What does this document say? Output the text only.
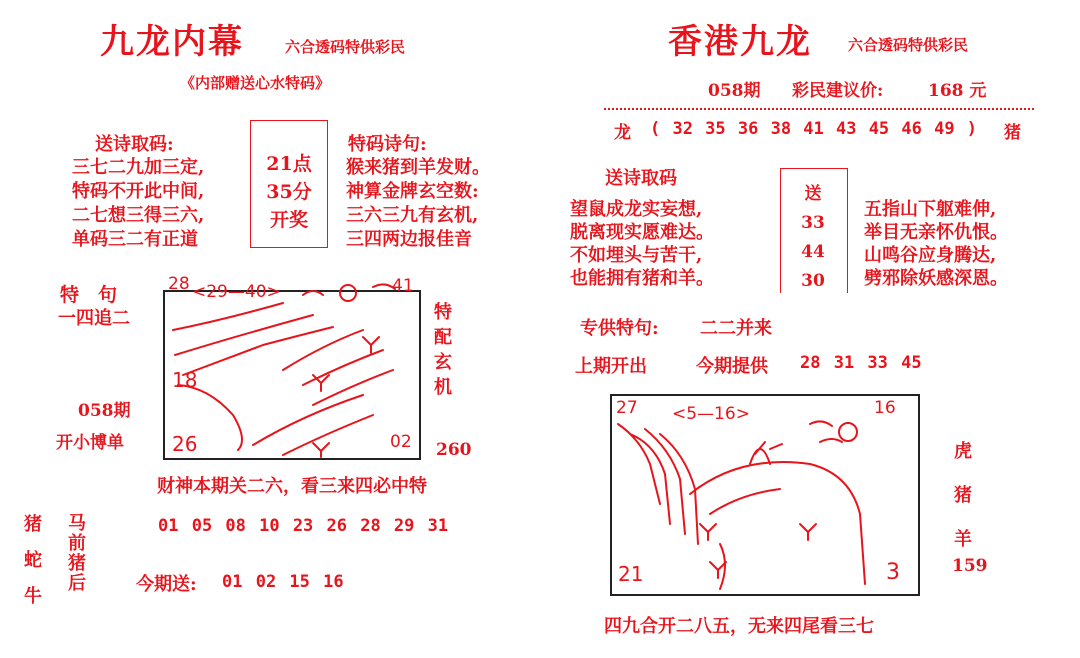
九龙内幕	六合透码特供彩民
《内部赠送心水特码》
送诗取码:
三七二九加三定,
特码不开此中间,
二七想三得三六,
单码三二有正道
21点
35分
开奖
特码诗句:
猴来猪到羊发财。
神算金牌玄空数:
三六三九有玄机,
三四两边报佳音
特　句
一四追二
058期
开小博单
28 <29—40>	41
18
26	02
特配玄机
260
财神本期关二六，看三来四必中特
猪
蛇
牛
马
前
猪
后
01 05 08 10 23 26 28 29 31
今期送: 01 02 15 16
香港九龙 六合透码特供彩民
058期 彩民建议价:	168 元
龙 ( 32 35 36 38 41 43 45 46 49 ) 猪
送诗取码
望鼠成龙实妄想,
脱离现实愿难达。
不如埋头与苦干,
也能拥有猪和羊。
送
33
44
30
五指山下躯难伸,
举目无亲怀仇恨。
山鸣谷应身腾达,
劈邪除妖感深恩。
专供特句: 二二并来
上期开出	今期提供 28 31 33 45
27 <5—16>	16
21	3
虎
猪
羊
159
四九合开二八五，无来四尾看三七
